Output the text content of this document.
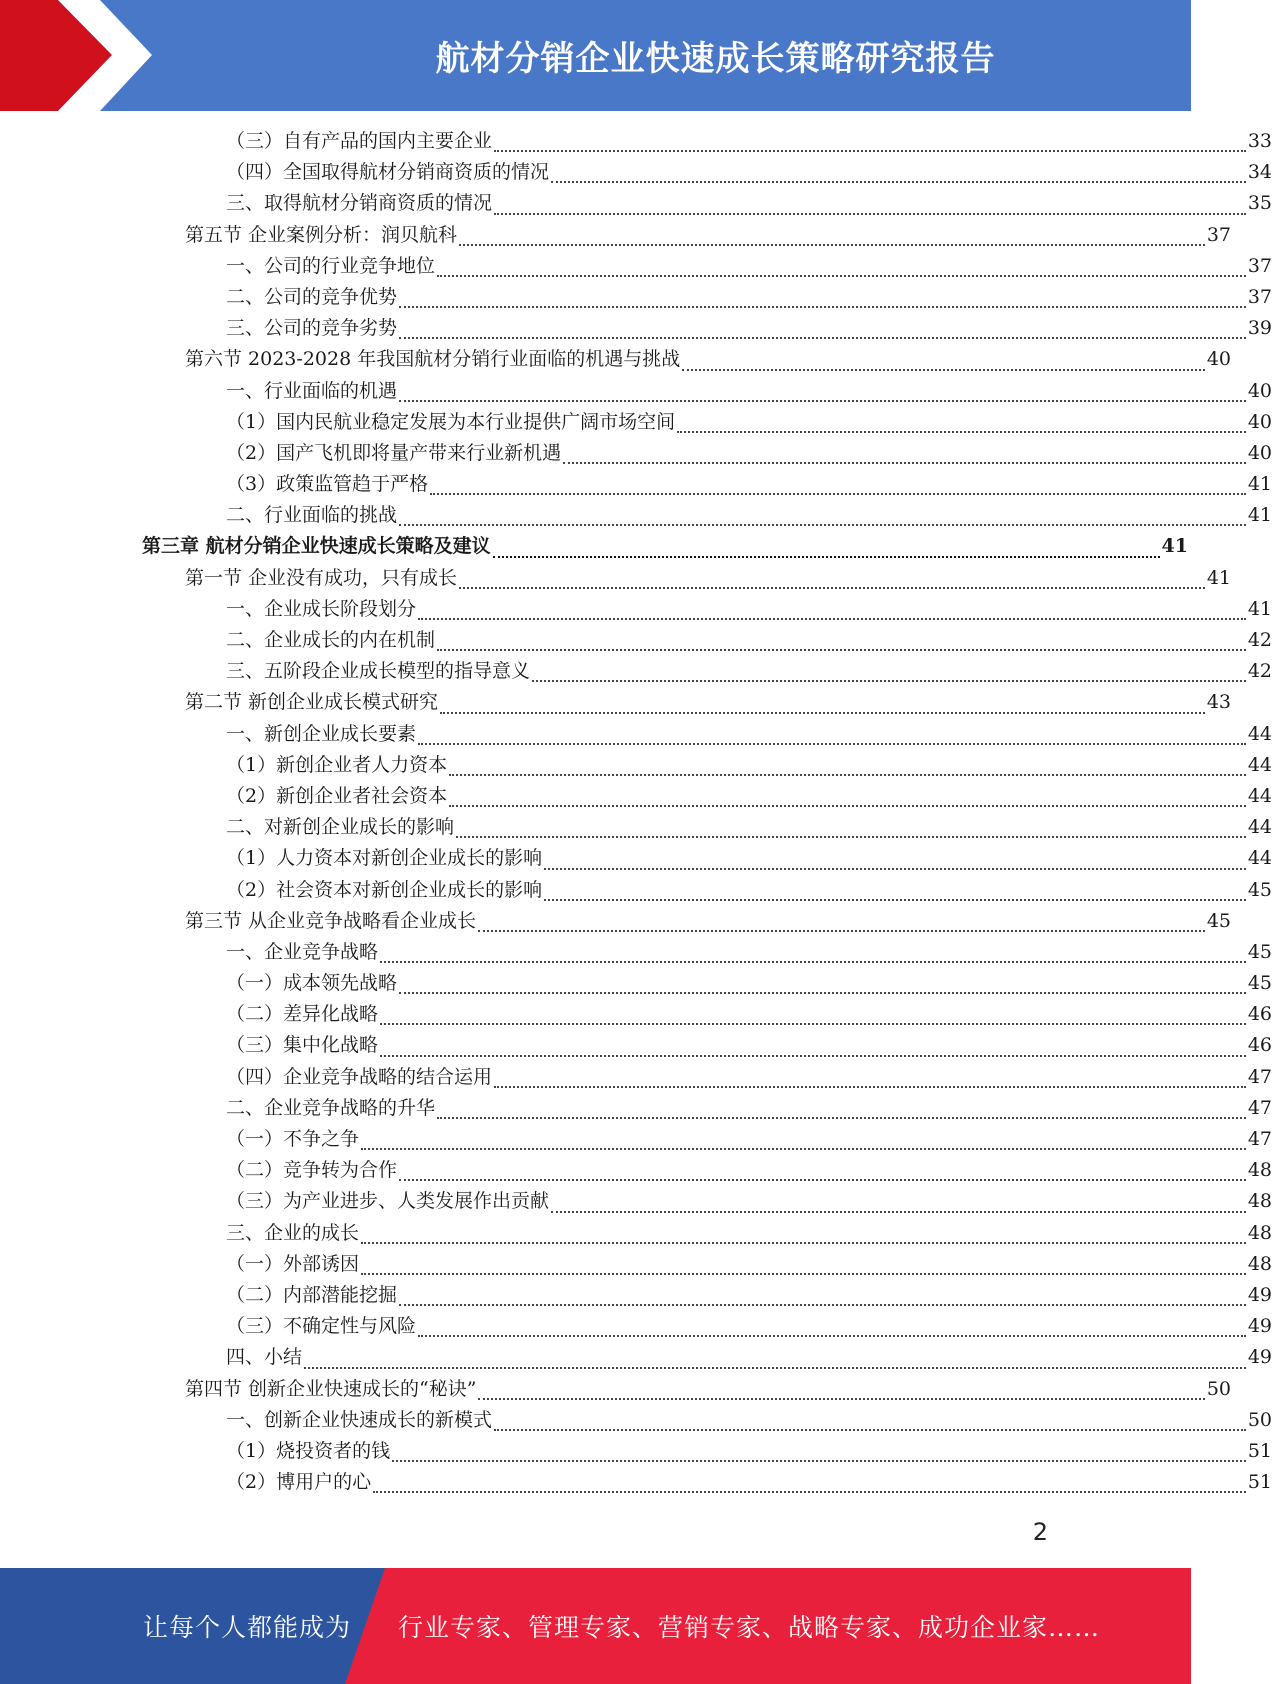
航材分销企业快速成长策略研究报告
（三）自有产品的国内主要企业	33
（四）全国取得航材分销商资质的情况	34
三、取得航材分销商资质的情况	35
第五节 企业案例分析：润贝航科	37
一、公司的行业竞争地位	37
二、公司的竞争优势	37
三、公司的竞争劣势	39
第六节 2023-2028 年我国航材分销行业面临的机遇与挑战	40
一、行业面临的机遇	40
（1）国内民航业稳定发展为本行业提供广阔市场空间	40
（2）国产飞机即将量产带来行业新机遇	40
（3）政策监管趋于严格	41
二、行业面临的挑战	41
第三章 航材分销企业快速成长策略及建议	41
第一节 企业没有成功，只有成长	41
一、企业成长阶段划分	41
二、企业成长的内在机制	42
三、五阶段企业成长模型的指导意义	42
第二节 新创企业成长模式研究	43
一、新创企业成长要素	44
（1）新创企业者人力资本	44
（2）新创企业者社会资本	44
二、对新创企业成长的影响	44
（1）人力资本对新创企业成长的影响	44
（2）社会资本对新创企业成长的影响	45
第三节 从企业竞争战略看企业成长	45
一、企业竞争战略	45
（一）成本领先战略	45
（二）差异化战略	46
（三）集中化战略	46
（四）企业竞争战略的结合运用	47
二、企业竞争战略的升华	47
（一）不争之争	47
（二）竞争转为合作	48
（三）为产业进步、人类发展作出贡献	48
三、企业的成长	48
（一）外部诱因	48
（二）内部潜能挖掘	49
（三）不确定性与风险	49
四、小结	49
第四节 创新企业快速成长的“秘诀”	50
一、创新企业快速成长的新模式	50
（1）烧投资者的钱	51
（2）博用户的心	51
2
让每个人都能成为 行业专家、管理专家、营销专家、战略专家、成功企业家……
